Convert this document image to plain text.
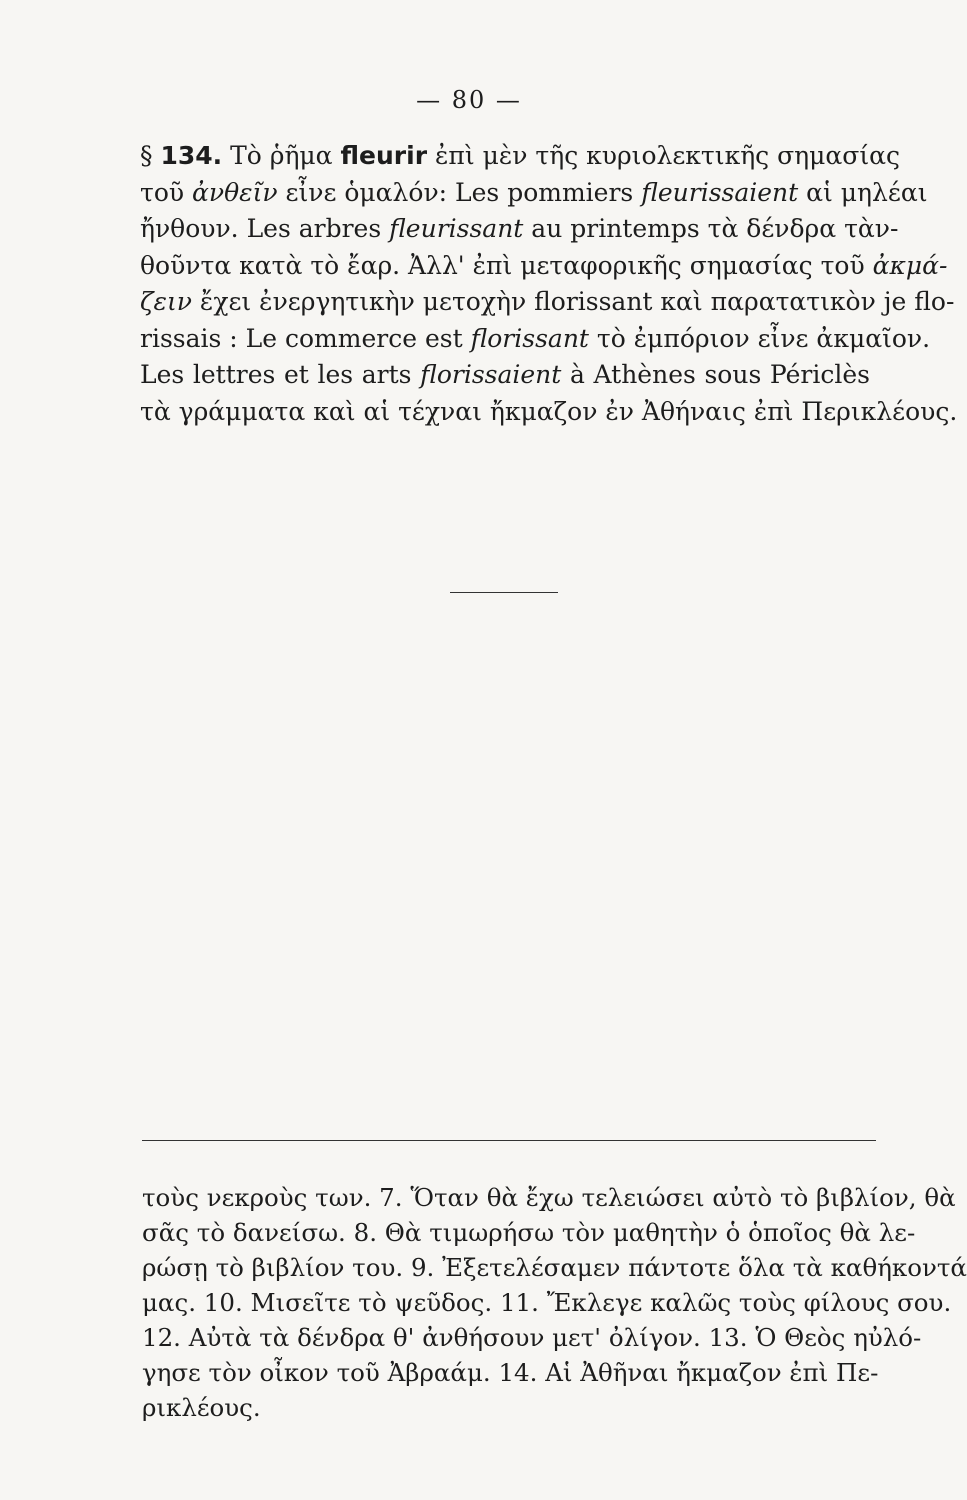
— 80 —
§ 134. Τὸ ῥῆμα fleurir ἐπὶ μὲν τῆς κυριολεκτικῆς σημασίας
τοῦ ἀνθεῖν εἶνε ὁμαλόν: Les pommiers fleurissaient αἱ μηλέαι
ἤνθουν. Les arbres fleurissant au printemps τὰ δένδρα τὰν-
θοῦντα κατὰ τὸ ἔαρ. Ἀλλ' ἐπὶ μεταφορικῆς σημασίας τοῦ ἀκμά-
ζειν ἔχει ἐνεργητικὴν μετοχὴν florissant καὶ παρατατικὸν je flo-
rissais : Le commerce est florissant τὸ ἐμπόριον εἶνε ἀκμαῖον.
Les lettres et les arts florissaient à Athènes sous Périclès
τὰ γράμματα καὶ αἱ τέχναι ἤκμαζον ἐν Ἀθήναις ἐπὶ Περικλέους.
τοὺς νεκροὺς των. 7. Ὅταν θὰ ἔχω τελειώσει αὐτὸ τὸ βιβλίον, θὰ
σᾶς τὸ δανείσω. 8. Θὰ τιμωρήσω τὸν μαθητὴν ὁ ὁποῖος θὰ λε-
ρώσῃ τὸ βιβλίον του. 9. Ἐξετελέσαμεν πάντοτε ὅλα τὰ καθήκοντά
μας. 10. Μισεῖτε τὸ ψεῦδος. 11. Ἔκλεγε καλῶς τοὺς φίλους σου.
12. Αὐτὰ τὰ δένδρα θ' ἀνθήσουν μετ' ὀλίγον. 13. Ὁ Θεὸς ηὐλό-
γησε τὸν οἶκον τοῦ Ἀβραάμ. 14. Αἱ Ἀθῆναι ἤκμαζον ἐπὶ Πε-
ρικλέους.
